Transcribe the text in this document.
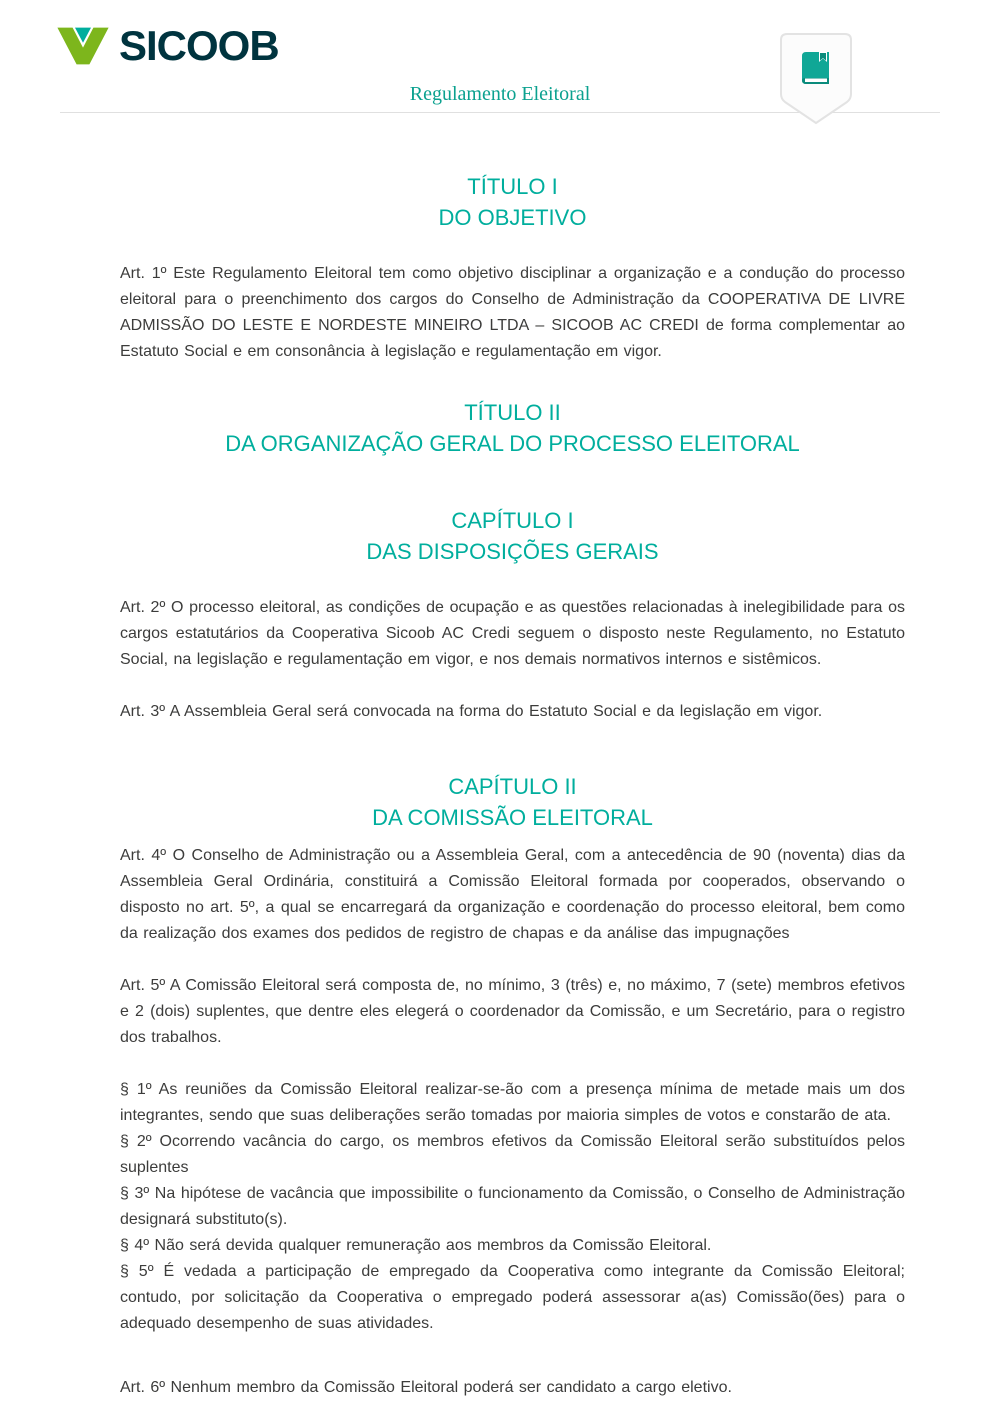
SICOOB
Regulamento Eleitoral
TÍTULO I
DO OBJETIVO

Art. 1º Este Regulamento Eleitoral tem como objetivo disciplinar a organização e a condução do processo eleitoral para o preenchimento dos cargos do Conselho de Administração da COOPERATIVA DE LIVRE ADMISSÃO DO LESTE E NORDESTE MINEIRO LTDA – SICOOB AC CREDI de forma complementar ao Estatuto Social e em consonância à legislação e regulamentação em vigor.

TÍTULO II
DA ORGANIZAÇÃO GERAL DO PROCESSO ELEITORAL
CAPÍTULO I
DAS DISPOSIÇÕES GERAIS

Art. 2º O processo eleitoral, as condições de ocupação e as questões relacionadas à inelegibilidade para os cargos estatutários da Cooperativa Sicoob AC Credi seguem o disposto neste Regulamento, no Estatuto Social, na legislação e regulamentação em vigor, e nos demais normativos internos e sistêmicos.

Art. 3º A Assembleia Geral será convocada na forma do Estatuto Social e da legislação em vigor.

CAPÍTULO II
DA COMISSÃO ELEITORAL

Art. 4º O Conselho de Administração ou a Assembleia Geral, com a antecedência de 90 (noventa) dias da Assembleia Geral Ordinária, constituirá a Comissão Eleitoral formada por cooperados, observando o disposto no art. 5º, a qual se encarregará da organização e coordenação do processo eleitoral, bem como da realização dos exames dos pedidos de registro de chapas e da análise das impugnações

Art. 5º A Comissão Eleitoral será composta de, no mínimo, 3 (três) e, no máximo, 7 (sete) membros efetivos e 2 (dois) suplentes, que dentre eles elegerá o coordenador da Comissão, e um Secretário, para o registro dos trabalhos.

§ 1º As reuniões da Comissão Eleitoral realizar-se-ão com a presença mínima de metade mais um dos integrantes, sendo que suas deliberações serão tomadas por maioria simples de votos e constarão de ata.

§ 2º Ocorrendo vacância do cargo, os membros efetivos da Comissão Eleitoral serão substituídos pelos suplentes

§ 3º Na hipótese de vacância que impossibilite o funcionamento da Comissão, o Conselho de Administração designará substituto(s).

§ 4º Não será devida qualquer remuneração aos membros da Comissão Eleitoral.

§ 5º É vedada a participação de empregado da Cooperativa como integrante da Comissão Eleitoral; contudo, por solicitação da Cooperativa o empregado poderá assessorar a(as) Comissão(ões) para o adequado desempenho de suas atividades.

Art. 6º Nenhum membro da Comissão Eleitoral poderá ser candidato a cargo eletivo.
